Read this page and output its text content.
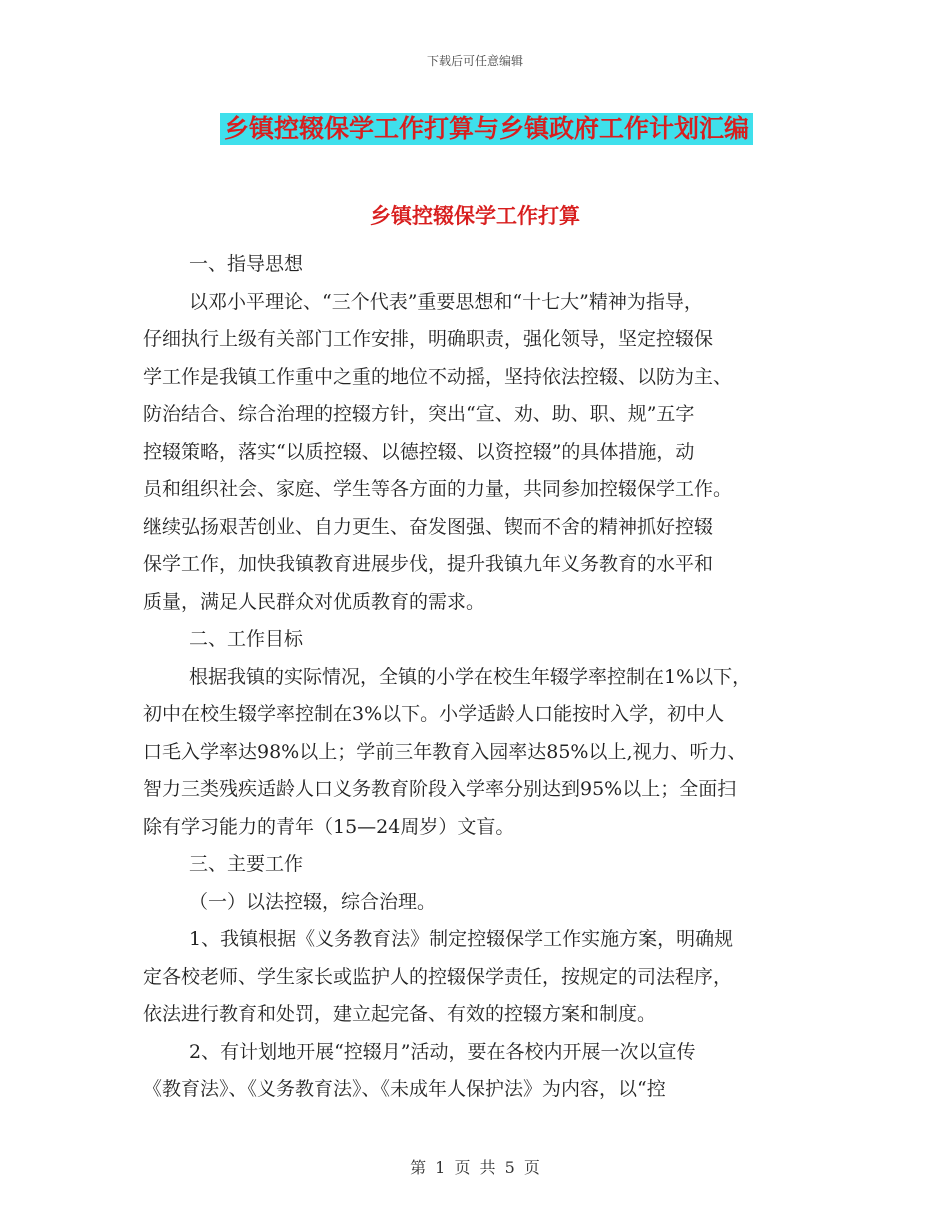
下载后可任意编辑
乡镇控辍保学工作打算与乡镇政府工作计划汇编
乡镇控辍保学工作打算
一、指导思想
以邓小平理论、“三个代表”重要思想和“十七大”精神为指导，
仔细执行上级有关部门工作安排，明确职责，强化领导，坚定控辍保
学工作是我镇工作重中之重的地位不动摇，坚持依法控辍、以防为主、
防治结合、综合治理的控辍方针，突出“宣、劝、助、职、规”五字
控辍策略，落实“以质控辍、以德控辍、以资控辍”的具体措施，动
员和组织社会、家庭、学生等各方面的力量，共同参加控辍保学工作。
继续弘扬艰苦创业、自力更生、奋发图强、锲而不舍的精神抓好控辍
保学工作，加快我镇教育进展步伐，提升我镇九年义务教育的水平和
质量，满足人民群众对优质教育的需求。
二、工作目标
根据我镇的实际情况，全镇的小学在校生年辍学率控制在1%以下，
初中在校生辍学率控制在3%以下。小学适龄人口能按时入学，初中人
口毛入学率达98%以上；学前三年教育入园率达85%以上,视力、听力、
智力三类残疾适龄人口义务教育阶段入学率分别达到95%以上；全面扫
除有学习能力的青年（15—24周岁）文盲。
三、主要工作
（一）以法控辍，综合治理。
1、我镇根据《义务教育法》制定控辍保学工作实施方案，明确规
定各校老师、学生家长或监护人的控辍保学责任，按规定的司法程序，
依法进行教育和处罚，建立起完备、有效的控辍方案和制度。
2、有计划地开展“控辍月”活动，要在各校内开展一次以宣传
《教育法》、《义务教育法》、《未成年人保护法》为内容，以“控
第 1 页 共 5 页
